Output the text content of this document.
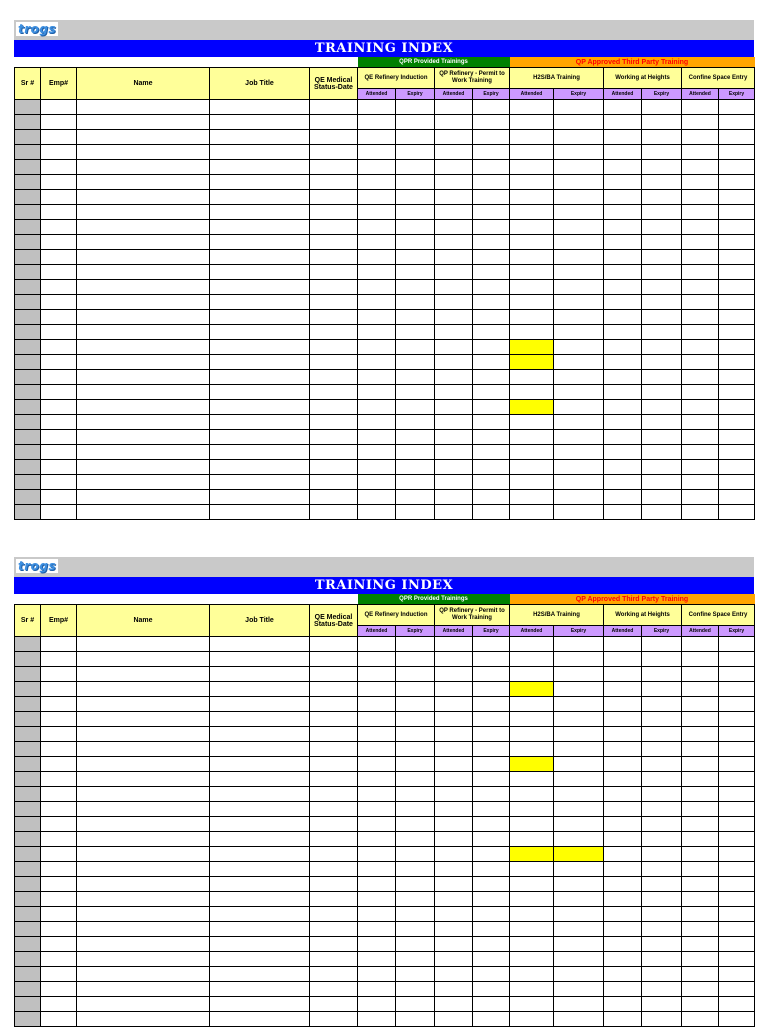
trogs
TRAINING INDEX
					QPR Provided Trainings				QP Approved Third Party Training					
Sr #	Emp#	Name	Job Title	QE Medical Status-Date	QE Refinery Induction		QP Refinery - Permit to Work Training		H2S/BA Training		Working at Heights		Confine Space Entry	
					Attended	Expiry	Attended	Expiry	Attended	Expiry	Attended	Expiry	Attended	Expiry

trogs
TRAINING INDEX
					QPR Provided Trainings				QP Approved Third Party Training					
Sr #	Emp#	Name	Job Title	QE Medical Status-Date	QE Refinery Induction		QP Refinery - Permit to Work Training		H2S/BA Training		Working at Heights		Confine Space Entry	
					Attended	Expiry	Attended	Expiry	Attended	Expiry	Attended	Expiry	Attended	Expiry
